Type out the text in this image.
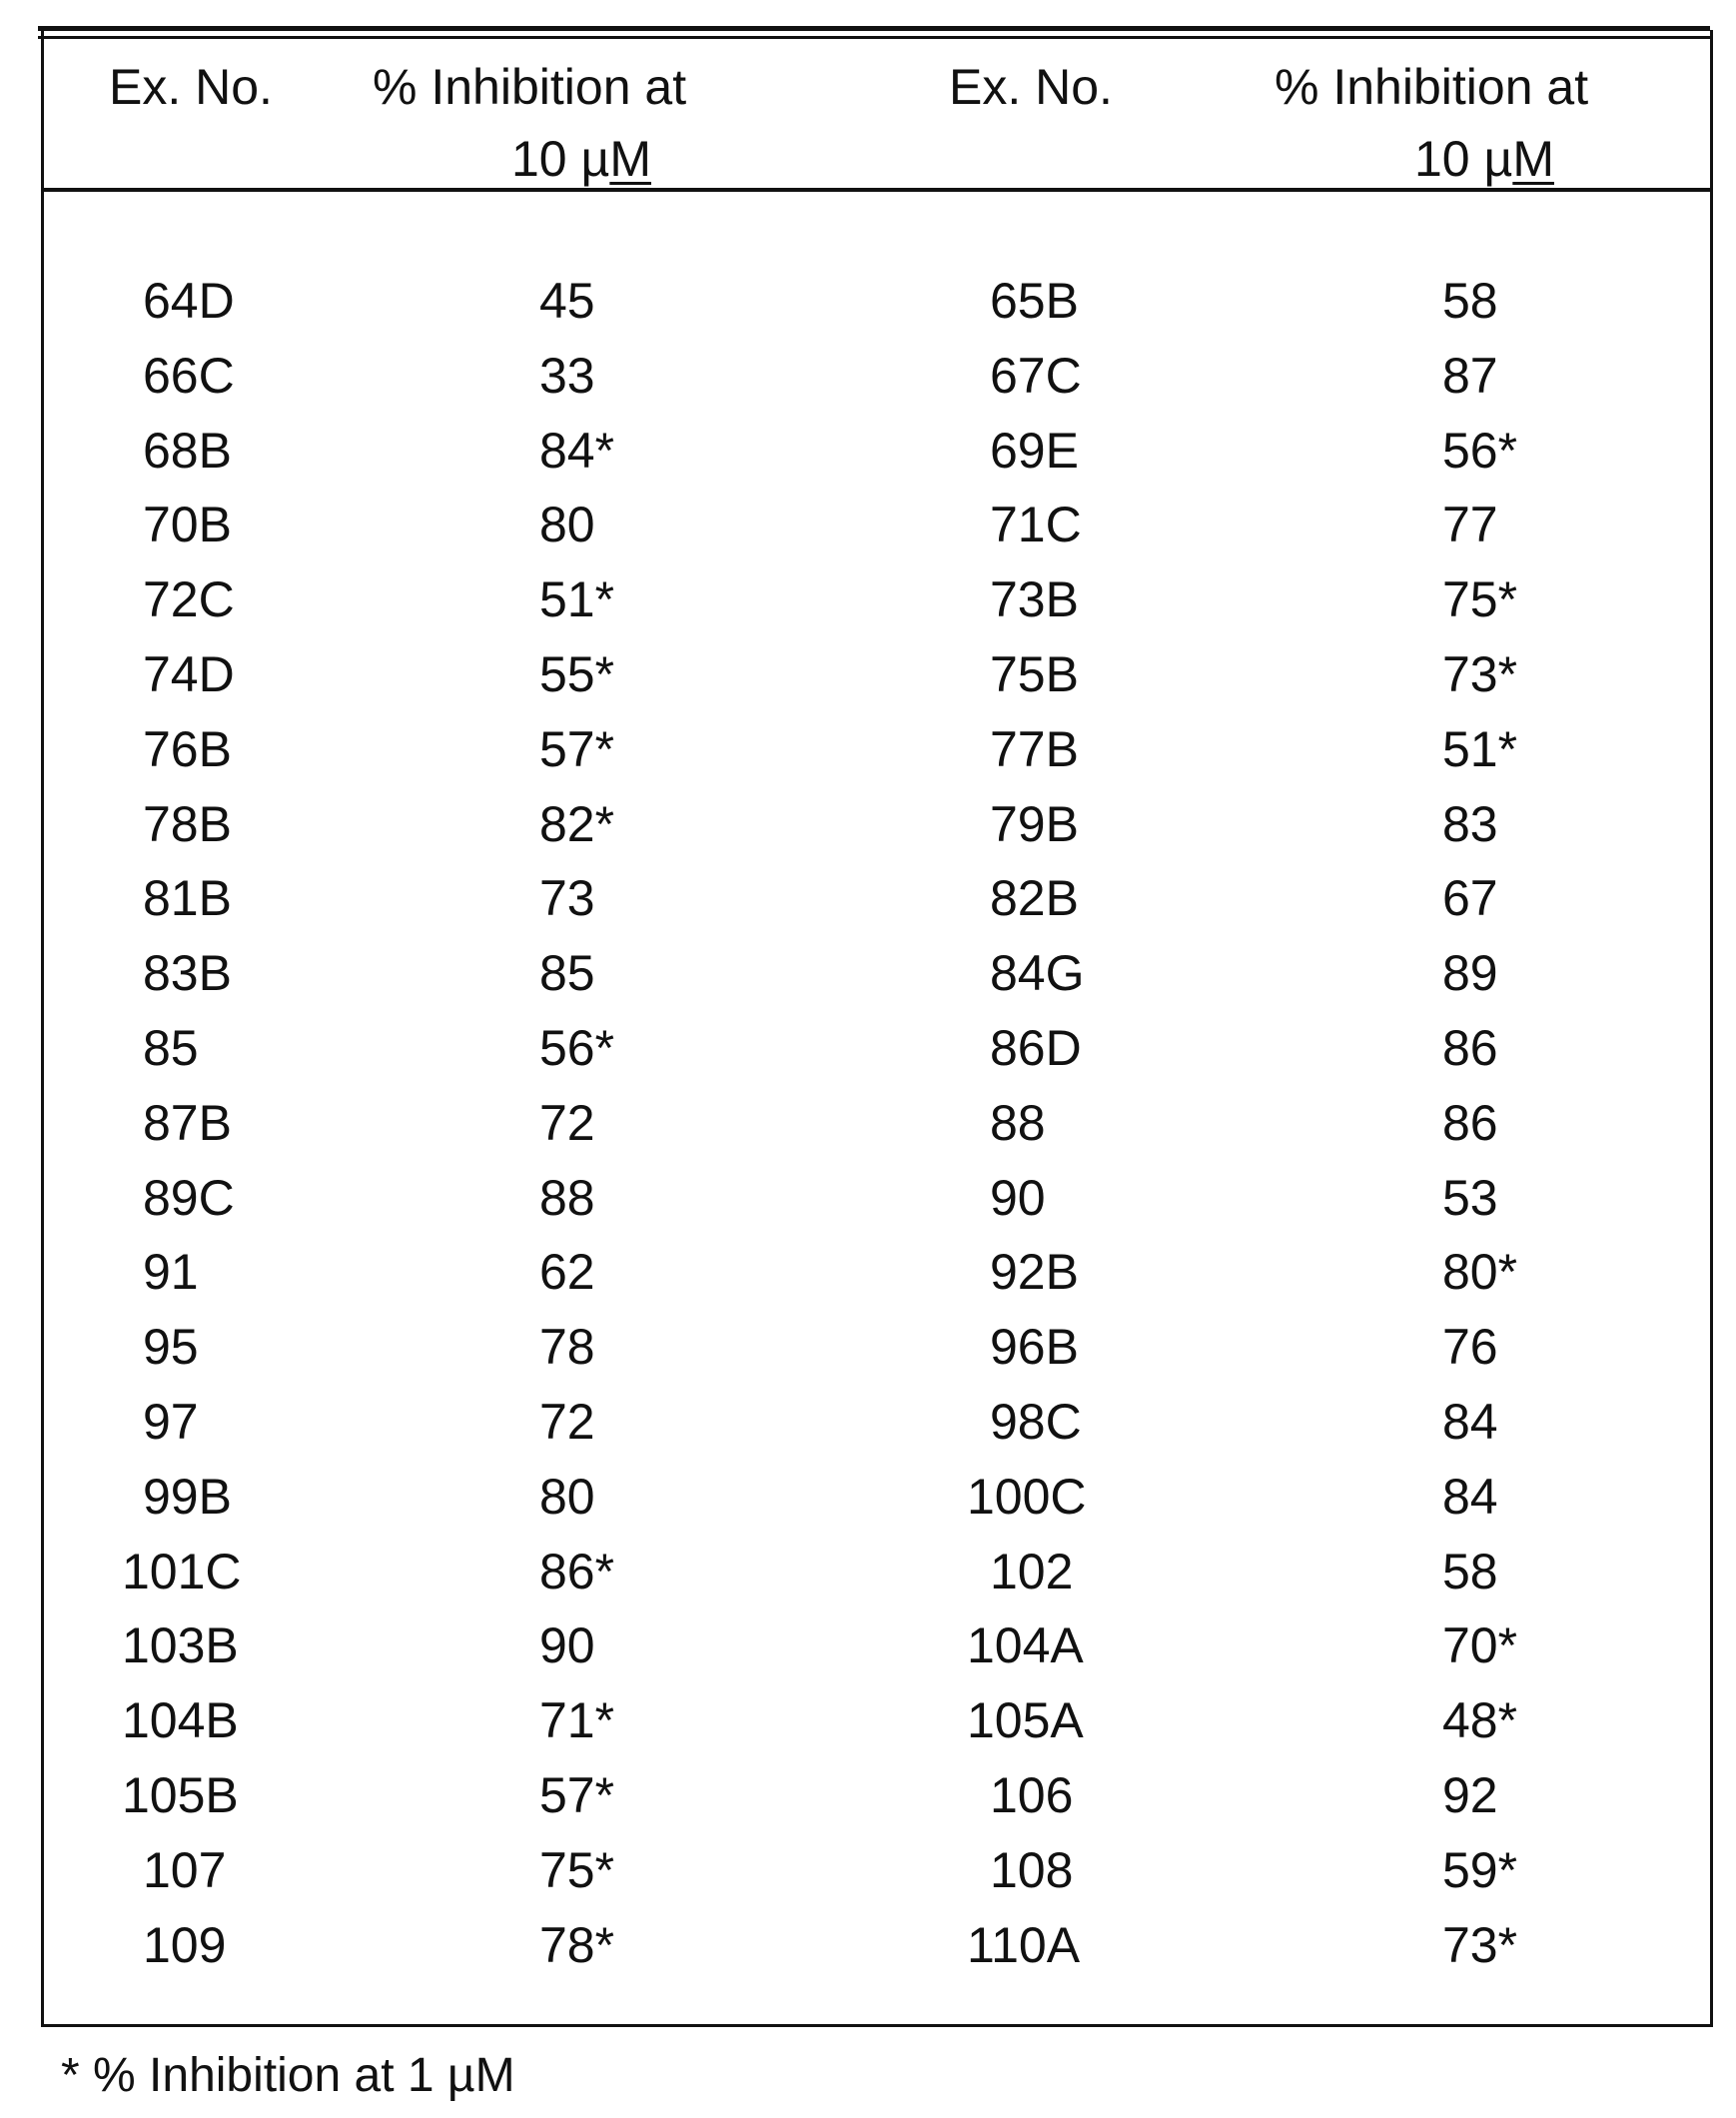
Ex. No. % Inhibition at
10 µM
Ex. No.	% Inhibition at
10 µM
64D	45
66C	33
68B	84*
70B	80
72C	51*
74D	55*
76B	57*
78B	82*
81B	73
83B	85
85	56*
87B	72
89C	88
91	62
95	78
97	72
99B	80
101C	86*
103B	90
104B	71*
105B	57*
107	75*
109	78*
65B	58
67C	87
69E	56*
71C	77
73B	75*
75B	73*
77B	51*
79B	83
82B	67
84G	89
86D	86
88	86
90	53
92B	80*
96B	76
98C	84
100C	84
102	58
104A	70*
105A	48*
106	92
108	59*
110A	73*
* % Inhibition at 1 µM
